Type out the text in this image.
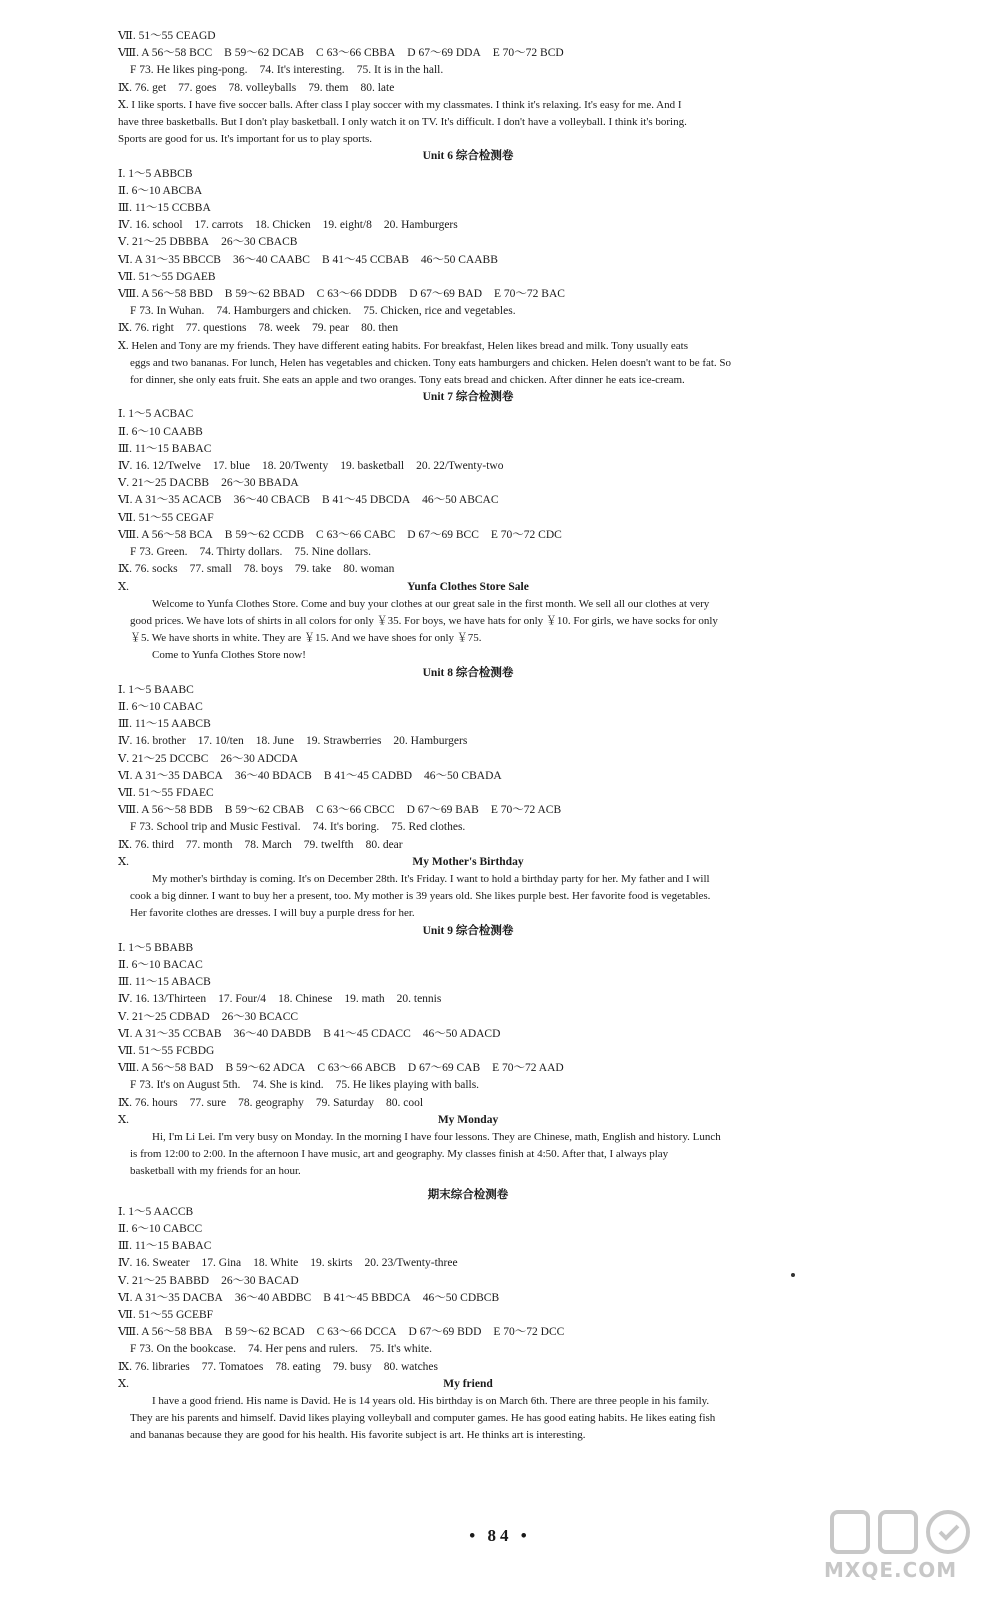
Ⅶ. 51～55 CEAGD

Ⅷ. A 56～58 BCC B 59～62 DCAB C 63～66 CBBA D 67～69 DDA E 70～72 BCD

F 73. He likes ping-pong. 74. It's interesting. 75. It is in the hall.

Ⅸ. 76. get 77. goes 78. volleyballs 79. them 80. late

Ⅹ. I like sports. I have five soccer balls. After class I play soccer with my classmates. I think it's relaxing. It's easy for me. And I

have three basketballs. But I don't play basketball. I only watch it on TV. It's difficult. I don't have a volleyball. I think it's boring.

Sports are good for us. It's important for us to play sports.

Unit 6 综合检测卷

Ⅰ. 1～5 ABBCB

Ⅱ. 6～10 ABCBA

Ⅲ. 11～15 CCBBA

Ⅳ. 16. school 17. carrots 18. Chicken 19. eight/8 20. Hamburgers

Ⅴ. 21～25 DBBBA 26～30 CBACB

Ⅵ. A 31～35 BBCCB 36～40 CAABC B 41～45 CCBAB 46～50 CAABB

Ⅶ. 51～55 DGAEB

Ⅷ. A 56～58 BBD B 59～62 BBAD C 63～66 DDDB D 67～69 BAD E 70～72 BAC

F 73. In Wuhan. 74. Hamburgers and chicken. 75. Chicken, rice and vegetables.

Ⅸ. 76. right 77. questions 78. week 79. pear 80. then

Ⅹ. Helen and Tony are my friends. They have different eating habits. For breakfast, Helen likes bread and milk. Tony usually eats

eggs and two bananas. For lunch, Helen has vegetables and chicken. Tony eats hamburgers and chicken. Helen doesn't want to be fat. So

for dinner, she only eats fruit. She eats an apple and two oranges. Tony eats bread and chicken. After dinner he eats ice-cream.

Unit 7 综合检测卷

Ⅰ. 1～5 ACBAC

Ⅱ. 6～10 CAABB

Ⅲ. 11～15 BABAC

Ⅳ. 16. 12/Twelve 17. blue 18. 20/Twenty 19. basketball 20. 22/Twenty-two

Ⅴ. 21～25 DACBB 26～30 BBADA

Ⅵ. A 31～35 ACACB 36～40 CBACB B 41～45 DBCDA 46～50 ABCAC

Ⅶ. 51～55 CEGAF

Ⅷ. A 56～58 BCA B 59～62 CCDB C 63～66 CABC D 67～69 BCC E 70～72 CDC

F 73. Green. 74. Thirty dollars. 75. Nine dollars.

Ⅸ. 76. socks 77. small 78. boys 79. take 80. woman

Ⅹ.	Yunfa Clothes Store Sale

Welcome to Yunfa Clothes Store. Come and buy your clothes at our great sale in the first month. We sell all our clothes at very

good prices. We have lots of shirts in all colors for only ￥35. For boys, we have hats for only ￥10. For girls, we have socks for only

￥5. We have shorts in white. They are ￥15. And we have shoes for only ￥75.

Come to Yunfa Clothes Store now!

Unit 8 综合检测卷

Ⅰ. 1～5 BAABC

Ⅱ. 6～10 CABAC

Ⅲ. 11～15 AABCB

Ⅳ. 16. brother 17. 10/ten 18. June 19. Strawberries 20. Hamburgers

Ⅴ. 21～25 DCCBC 26～30 ADCDA

Ⅵ. A 31～35 DABCA 36～40 BDACB B 41～45 CADBD 46～50 CBADA

Ⅶ. 51～55 FDAEC

Ⅷ. A 56～58 BDB B 59～62 CBAB C 63～66 CBCC D 67～69 BAB E 70～72 ACB

F 73. School trip and Music Festival. 74. It's boring. 75. Red clothes.

Ⅸ. 76. third 77. month 78. March 79. twelfth 80. dear

Ⅹ.	My Mother's Birthday

My mother's birthday is coming. It's on December 28th. It's Friday. I want to hold a birthday party for her. My father and I will

cook a big dinner. I want to buy her a present, too. My mother is 39 years old. She likes purple best. Her favorite food is vegetables.

Her favorite clothes are dresses. I will buy a purple dress for her.

Unit 9 综合检测卷

Ⅰ. 1～5 BBABB

Ⅱ. 6～10 BACAC

Ⅲ. 11～15 ABACB

Ⅳ. 16. 13/Thirteen 17. Four/4 18. Chinese 19. math 20. tennis

Ⅴ. 21～25 CDBAD 26～30 BCACC

Ⅵ. A 31～35 CCBAB 36～40 DABDB B 41～45 CDACC 46～50 ADACD

Ⅶ. 51～55 FCBDG

Ⅷ. A 56～58 BAD B 59～62 ADCA C 63～66 ABCB D 67～69 CAB E 70～72 AAD

F 73. It's on August 5th. 74. She is kind. 75. He likes playing with balls.

Ⅸ. 76. hours 77. sure 78. geography 79. Saturday 80. cool

Ⅹ.	My Monday

Hi, I'm Li Lei. I'm very busy on Monday. In the morning I have four lessons. They are Chinese, math, English and history. Lunch

is from 12:00 to 2:00. In the afternoon I have music, art and geography. My classes finish at 4:50. After that, I always play

basketball with my friends for an hour.

期末综合检测卷

Ⅰ. 1～5 AACCB

Ⅱ. 6～10 CABCC

Ⅲ. 11～15 BABAC

Ⅳ. 16. Sweater 17. Gina 18. White 19. skirts 20. 23/Twenty-three

Ⅴ. 21～25 BABBD 26～30 BACAD

Ⅵ. A 31～35 DACBA 36～40 ABDBC B 41～45 BBDCA 46～50 CDBCB

Ⅶ. 51～55 GCEBF

Ⅷ. A 56～58 BBA B 59～62 BCAD C 63～66 DCCA D 67～69 BDD E 70～72 DCC

F 73. On the bookcase. 74. Her pens and rulers. 75. It's white.

Ⅸ. 76. libraries 77. Tomatoes 78. eating 79. busy 80. watches

Ⅹ.	My friend

I have a good friend. His name is David. He is 14 years old. His birthday is on March 6th. There are three people in his family.

They are his parents and himself. David likes playing volleyball and computer games. He has good eating habits. He likes eating fish

and bananas because they are good for his health. His favorite subject is art. He thinks art is interesting.

• 84 •
MXQE.COM
